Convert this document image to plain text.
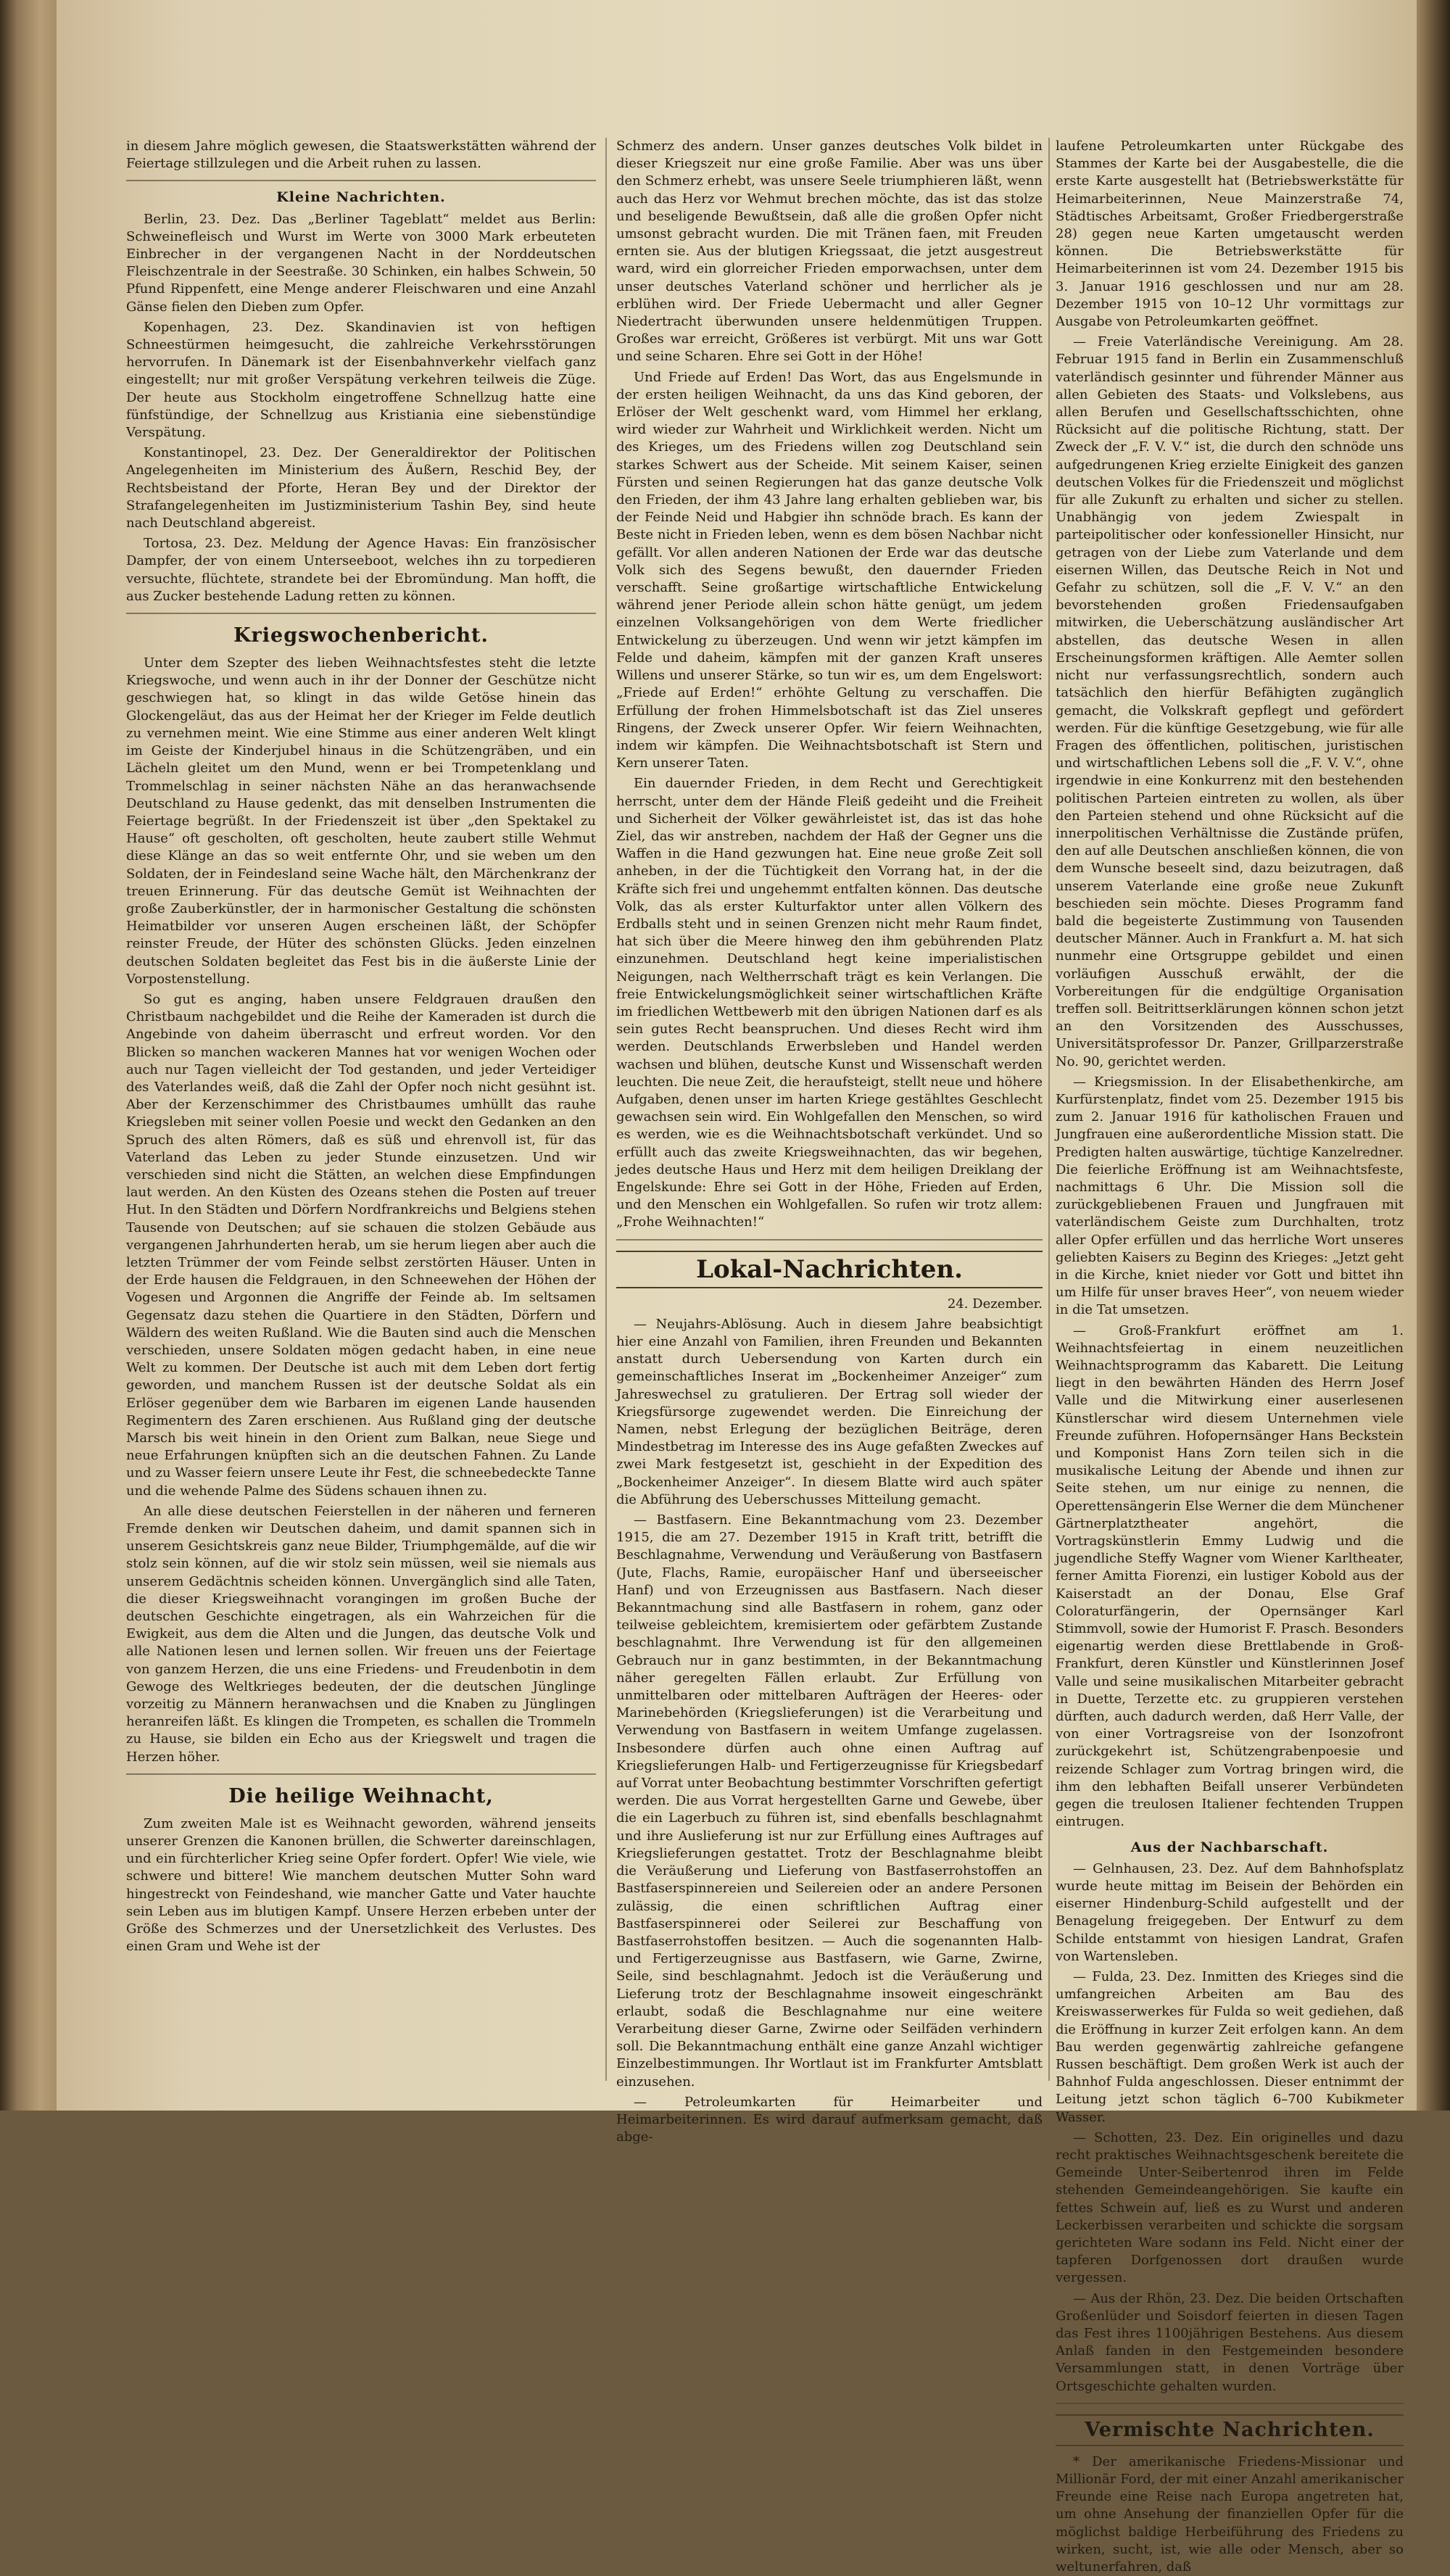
in diesem Jahre möglich gewesen, die Staatswerkstätten während der Feiertage stillzulegen und die Arbeit ruhen zu lassen.

Kleine Nachrichten.

Berlin, 23. Dez. Das „Berliner Tageblatt“ meldet aus Berlin: Schweinefleisch und Wurst im Werte von 3000 Mark erbeuteten Einbrecher in der vergangenen Nacht in der Norddeutschen Fleischzentrale in der Seestraße. 30 Schinken, ein halbes Schwein, 50 Pfund Rippenfett, eine Menge anderer Fleischwaren und eine Anzahl Gänse fielen den Dieben zum Opfer.

Kopenhagen, 23. Dez. Skandinavien ist von heftigen Schneestürmen heimgesucht, die zahlreiche Verkehrsstörungen hervorrufen. In Dänemark ist der Eisenbahnverkehr vielfach ganz eingestellt; nur mit großer Verspätung verkehren teilweis die Züge. Der heute aus Stockholm eingetroffene Schnellzug hatte eine fünfstündige, der Schnellzug aus Kristiania eine siebenstündige Verspätung.

Konstantinopel, 23. Dez. Der Generaldirektor der Politischen Angelegenheiten im Ministerium des Äußern, Reschid Bey, der Rechtsbeistand der Pforte, Heran Bey und der Direktor der Strafangelegenheiten im Justizministerium Tashin Bey, sind heute nach Deutschland abgereist.

Tortosa, 23. Dez. Meldung der Agence Havas: Ein französischer Dampfer, der von einem Unterseeboot, welches ihn zu torpedieren versuchte, flüchtete, strandete bei der Ebromündung. Man hofft, die aus Zucker bestehende Ladung retten zu können.

Kriegswochenbericht.

Unter dem Szepter des lieben Weihnachtsfestes steht die letzte Kriegswoche, und wenn auch in ihr der Donner der Geschütze nicht geschwiegen hat, so klingt in das wilde Getöse hinein das Glockengeläut, das aus der Heimat her der Krieger im Felde deutlich zu vernehmen meint. Wie eine Stimme aus einer anderen Welt klingt im Geiste der Kinderjubel hinaus in die Schützengräben, und ein Lächeln gleitet um den Mund, wenn er bei Trompetenklang und Trommelschlag in seiner nächsten Nähe an das heranwachsende Deutschland zu Hause gedenkt, das mit denselben Instrumenten die Feiertage begrüßt. In der Friedenszeit ist über „den Spektakel zu Hause“ oft gescholten, oft gescholten, heute zaubert stille Wehmut diese Klänge an das so weit entfernte Ohr, und sie weben um den Soldaten, der in Feindesland seine Wache hält, den Märchenkranz der treuen Erinnerung. Für das deutsche Gemüt ist Weihnachten der große Zauberkünstler, der in harmonischer Gestaltung die schönsten Heimatbilder vor unseren Augen erscheinen läßt, der Schöpfer reinster Freude, der Hüter des schönsten Glücks. Jeden einzelnen deutschen Soldaten begleitet das Fest bis in die äußerste Linie der Vorpostenstellung.

So gut es anging, haben unsere Feldgrauen draußen den Christbaum nachgebildet und die Reihe der Kameraden ist durch die Angebinde von daheim überrascht und erfreut worden. Vor den Blicken so manchen wackeren Mannes hat vor wenigen Wochen oder auch nur Tagen vielleicht der Tod gestanden, und jeder Verteidiger des Vaterlandes weiß, daß die Zahl der Opfer noch nicht gesühnt ist. Aber der Kerzenschimmer des Christbaumes umhüllt das rauhe Kriegsleben mit seiner vollen Poesie und weckt den Gedanken an den Spruch des alten Römers, daß es süß und ehrenvoll ist, für das Vaterland das Leben zu jeder Stunde einzusetzen. Und wir verschieden sind nicht die Stätten, an welchen diese Empfindungen laut werden. An den Küsten des Ozeans stehen die Posten auf treuer Hut. In den Städten und Dörfern Nordfrankreichs und Belgiens stehen Tausende von Deutschen; auf sie schauen die stolzen Gebäude aus vergangenen Jahrhunderten herab, um sie herum liegen aber auch die letzten Trümmer der vom Feinde selbst zerstörten Häuser. Unten in der Erde hausen die Feldgrauen, in den Schneewehen der Höhen der Vogesen und Argonnen die Angriffe der Feinde ab. Im seltsamen Gegensatz dazu stehen die Quartiere in den Städten, Dörfern und Wäldern des weiten Rußland. Wie die Bauten sind auch die Menschen verschieden, unsere Soldaten mögen gedacht haben, in eine neue Welt zu kommen. Der Deutsche ist auch mit dem Leben dort fertig geworden, und manchem Russen ist der deutsche Soldat als ein Erlöser gegenüber dem wie Barbaren im eigenen Lande hausenden Regimentern des Zaren erschienen. Aus Rußland ging der deutsche Marsch bis weit hinein in den Orient zum Balkan, neue Siege und neue Erfahrungen knüpften sich an die deutschen Fahnen. Zu Lande und zu Wasser feiern unsere Leute ihr Fest, die schneebedeckte Tanne und die wehende Palme des Südens schauen ihnen zu.

An alle diese deutschen Feierstellen in der näheren und ferneren Fremde denken wir Deutschen daheim, und damit spannen sich in unserem Gesichtskreis ganz neue Bilder, Triumphgemälde, auf die wir stolz sein können, auf die wir stolz sein müssen, weil sie niemals aus unserem Gedächtnis scheiden können. Unvergänglich sind alle Taten, die dieser Kriegsweihnacht vorangingen im großen Buche der deutschen Geschichte eingetragen, als ein Wahrzeichen für die Ewigkeit, aus dem die Alten und die Jungen, das deutsche Volk und alle Nationen lesen und lernen sollen. Wir freuen uns der Feiertage von ganzem Herzen, die uns eine Friedens- und Freudenbotin in dem Gewoge des Weltkrieges bedeuten, der die deutschen Jünglinge vorzeitig zu Männern heranwachsen und die Knaben zu Jünglingen heranreifen läßt. Es klingen die Trompeten, es schallen die Trommeln zu Hause, sie bilden ein Echo aus der Kriegswelt und tragen die Herzen höher.

Die heilige Weihnacht,

Zum zweiten Male ist es Weihnacht geworden, während jenseits unserer Grenzen die Kanonen brüllen, die Schwerter dareinschlagen, und ein fürchterlicher Krieg seine Opfer fordert. Opfer! Wie viele, wie schwere und bittere! Wie manchem deutschen Mutter Sohn ward hingestreckt von Feindeshand, wie mancher Gatte und Vater hauchte sein Leben aus im blutigen Kampf. Unsere Herzen erbeben unter der Größe des Schmerzes und der Unersetzlichkeit des Verlustes. Des einen Gram und Wehe ist der

Schmerz des andern. Unser ganzes deutsches Volk bildet in dieser Kriegszeit nur eine große Familie. Aber was uns über den Schmerz erhebt, was unsere Seele triumphieren läßt, wenn auch das Herz vor Wehmut brechen möchte, das ist das stolze und beseligende Bewußtsein, daß alle die großen Opfer nicht umsonst gebracht wurden. Die mit Tränen faen, mit Freuden ernten sie. Aus der blutigen Kriegssaat, die jetzt ausgestreut ward, wird ein glorreicher Frieden emporwachsen, unter dem unser deutsches Vaterland schöner und herrlicher als je erblühen wird. Der Friede Uebermacht und aller Gegner Niedertracht überwunden unsere heldenmütigen Truppen. Großes war erreicht, Größeres ist verbürgt. Mit uns war Gott und seine Scharen. Ehre sei Gott in der Höhe!

Und Friede auf Erden! Das Wort, das aus Engelsmunde in der ersten heiligen Weihnacht, da uns das Kind geboren, der Erlöser der Welt geschenkt ward, vom Himmel her erklang, wird wieder zur Wahrheit und Wirklichkeit werden. Nicht um des Krieges, um des Friedens willen zog Deutschland sein starkes Schwert aus der Scheide. Mit seinem Kaiser, seinen Fürsten und seinen Regierungen hat das ganze deutsche Volk den Frieden, der ihm 43 Jahre lang erhalten geblieben war, bis der Feinde Neid und Habgier ihn schnöde brach. Es kann der Beste nicht in Frieden leben, wenn es dem bösen Nachbar nicht gefällt. Vor allen anderen Nationen der Erde war das deutsche Volk sich des Segens bewußt, den dauernder Frieden verschafft. Seine großartige wirtschaftliche Entwickelung während jener Periode allein schon hätte genügt, um jedem einzelnen Volksangehörigen von dem Werte friedlicher Entwickelung zu überzeugen. Und wenn wir jetzt kämpfen im Felde und daheim, kämpfen mit der ganzen Kraft unseres Willens und unserer Stärke, so tun wir es, um dem Engelswort: „Friede auf Erden!“ erhöhte Geltung zu verschaffen. Die Erfüllung der frohen Himmelsbotschaft ist das Ziel unseres Ringens, der Zweck unserer Opfer. Wir feiern Weihnachten, indem wir kämpfen. Die Weihnachtsbotschaft ist Stern und Kern unserer Taten.

Ein dauernder Frieden, in dem Recht und Gerechtigkeit herrscht, unter dem der Hände Fleiß gedeiht und die Freiheit und Sicherheit der Völker gewährleistet ist, das ist das hohe Ziel, das wir anstreben, nachdem der Haß der Gegner uns die Waffen in die Hand gezwungen hat. Eine neue große Zeit soll anheben, in der die Tüchtigkeit den Vorrang hat, in der die Kräfte sich frei und ungehemmt entfalten können. Das deutsche Volk, das als erster Kulturfaktor unter allen Völkern des Erdballs steht und in seinen Grenzen nicht mehr Raum findet, hat sich über die Meere hinweg den ihm gebührenden Platz einzunehmen. Deutschland hegt keine imperialistischen Neigungen, nach Weltherrschaft trägt es kein Verlangen. Die freie Entwickelungsmöglichkeit seiner wirtschaftlichen Kräfte im friedlichen Wettbewerb mit den übrigen Nationen darf es als sein gutes Recht beanspruchen. Und dieses Recht wird ihm werden. Deutschlands Erwerbsleben und Handel werden wachsen und blühen, deutsche Kunst und Wissenschaft werden leuchten. Die neue Zeit, die heraufsteigt, stellt neue und höhere Aufgaben, denen unser im harten Kriege gestähltes Geschlecht gewachsen sein wird. Ein Wohlgefallen den Menschen, so wird es werden, wie es die Weihnachtsbotschaft verkündet. Und so erfüllt auch das zweite Kriegsweihnachten, das wir begehen, jedes deutsche Haus und Herz mit dem heiligen Dreiklang der Engelskunde: Ehre sei Gott in der Höhe, Frieden auf Erden, und den Menschen ein Wohlgefallen. So rufen wir trotz allem: „Frohe Weihnachten!“

Lokal-Nachrichten.
24. Dezember.

— Neujahrs-Ablösung. Auch in diesem Jahre beabsichtigt hier eine Anzahl von Familien, ihren Freunden und Bekannten anstatt durch Uebersendung von Karten durch ein gemeinschaftliches Inserat im „Bockenheimer Anzeiger“ zum Jahreswechsel zu gratulieren. Der Ertrag soll wieder der Kriegsfürsorge zugewendet werden. Die Einreichung der Namen, nebst Erlegung der bezüglichen Beiträge, deren Mindestbetrag im Interesse des ins Auge gefaßten Zweckes auf zwei Mark festgesetzt ist, geschieht in der Expedition des „Bockenheimer Anzeiger“. In diesem Blatte wird auch später die Abführung des Ueberschusses Mitteilung gemacht.

— Bastfasern. Eine Bekanntmachung vom 23. Dezember 1915, die am 27. Dezember 1915 in Kraft tritt, betrifft die Beschlagnahme, Verwendung und Veräußerung von Bastfasern (Jute, Flachs, Ramie, europäischer Hanf und überseeischer Hanf) und von Erzeugnissen aus Bastfasern. Nach dieser Bekanntmachung sind alle Bastfasern in rohem, ganz oder teilweise gebleichtem, kremisiertem oder gefärbtem Zustande beschlagnahmt. Ihre Verwendung ist für den allgemeinen Gebrauch nur in ganz bestimmten, in der Bekanntmachung näher geregelten Fällen erlaubt. Zur Erfüllung von unmittelbaren oder mittelbaren Aufträgen der Heeres- oder Marinebehörden (Kriegslieferungen) ist die Verarbeitung und Verwendung von Bastfasern in weitem Umfange zugelassen. Insbesondere dürfen auch ohne einen Auftrag auf Kriegslieferungen Halb- und Fertigerzeugnisse für Kriegsbedarf auf Vorrat unter Beobachtung bestimmter Vorschriften gefertigt werden. Die aus Vorrat hergestellten Garne und Gewebe, über die ein Lagerbuch zu führen ist, sind ebenfalls beschlagnahmt und ihre Auslieferung ist nur zur Erfüllung eines Auftrages auf Kriegslieferungen gestattet. Trotz der Beschlagnahme bleibt die Veräußerung und Lieferung von Bastfaserrohstoffen an Bastfaserspinnereien und Seilereien oder an andere Personen zulässig, die einen schriftlichen Auftrag einer Bastfaserspinnerei oder Seilerei zur Beschaffung von Bastfaserrohstoffen besitzen. — Auch die sogenannten Halb- und Fertigerzeugnisse aus Bastfasern, wie Garne, Zwirne, Seile, sind beschlagnahmt. Jedoch ist die Veräußerung und Lieferung trotz der Beschlagnahme insoweit eingeschränkt erlaubt, sodaß die Beschlagnahme nur eine weitere Verarbeitung dieser Garne, Zwirne oder Seilfäden verhindern soll. Die Bekanntmachung enthält eine ganze Anzahl wichtiger Einzelbestimmungen. Ihr Wortlaut ist im Frankfurter Amtsblatt einzusehen.

— Petroleumkarten für Heimarbeiter und Heimarbeiterinnen. Es wird darauf aufmerksam gemacht, daß abge-

laufene Petroleumkarten unter Rückgabe des Stammes der Karte bei der Ausgabestelle, die die erste Karte ausgestellt hat (Betriebswerkstätte für Heimarbeiterinnen, Neue Mainzerstraße 74, Städtisches Arbeitsamt, Großer Friedbergerstraße 28) gegen neue Karten umgetauscht werden können. Die Betriebswerkstätte für Heimarbeiterinnen ist vom 24. Dezember 1915 bis 3. Januar 1916 geschlossen und nur am 28. Dezember 1915 von 10–12 Uhr vormittags zur Ausgabe von Petroleumkarten geöffnet.

— Freie Vaterländische Vereinigung. Am 28. Februar 1915 fand in Berlin ein Zusammenschluß vaterländisch gesinnter und führender Männer aus allen Gebieten des Staats- und Volkslebens, aus allen Berufen und Gesellschaftsschichten, ohne Rücksicht auf die politische Richtung, statt. Der Zweck der „F. V. V.“ ist, die durch den schnöde uns aufgedrungenen Krieg erzielte Einigkeit des ganzen deutschen Volkes für die Friedenszeit und möglichst für alle Zukunft zu erhalten und sicher zu stellen. Unabhängig von jedem Zwiespalt in parteipolitischer oder konfessioneller Hinsicht, nur getragen von der Liebe zum Vaterlande und dem eisernen Willen, das Deutsche Reich in Not und Gefahr zu schützen, soll die „F. V. V.“ an den bevorstehenden großen Friedensaufgaben mitwirken, die Ueberschätzung ausländischer Art abstellen, das deutsche Wesen in allen Erscheinungsformen kräftigen. Alle Aemter sollen nicht nur verfassungsrechtlich, sondern auch tatsächlich den hierfür Befähigten zugänglich gemacht, die Volkskraft gepflegt und gefördert werden. Für die künftige Gesetzgebung, wie für alle Fragen des öffentlichen, politischen, juristischen und wirtschaftlichen Lebens soll die „F. V. V.“, ohne irgendwie in eine Konkurrenz mit den bestehenden politischen Parteien eintreten zu wollen, als über den Parteien stehend und ohne Rücksicht auf die innerpolitischen Verhältnisse die Zustände prüfen, den auf alle Deutschen anschließen können, die von dem Wunsche beseelt sind, dazu beizutragen, daß unserem Vaterlande eine große neue Zukunft beschieden sein möchte. Dieses Programm fand bald die begeisterte Zustimmung von Tausenden deutscher Männer. Auch in Frankfurt a. M. hat sich nunmehr eine Ortsgruppe gebildet und einen vorläufigen Ausschuß erwählt, der die Vorbereitungen für die endgültige Organisation treffen soll. Beitrittserklärungen können schon jetzt an den Vorsitzenden des Ausschusses, Universitätsprofessor Dr. Panzer, Grillparzerstraße No. 90, gerichtet werden.

— Kriegsmission. In der Elisabethenkirche, am Kurfürstenplatz, findet vom 25. Dezember 1915 bis zum 2. Januar 1916 für katholischen Frauen und Jungfrauen eine außerordentliche Mission statt. Die Predigten halten auswärtige, tüchtige Kanzelredner. Die feierliche Eröffnung ist am Weihnachtsfeste, nachmittags 6 Uhr. Die Mission soll die zurückgebliebenen Frauen und Jungfrauen mit vaterländischem Geiste zum Durchhalten, trotz aller Opfer erfüllen und das herrliche Wort unseres geliebten Kaisers zu Beginn des Krieges: „Jetzt geht in die Kirche, kniet nieder vor Gott und bittet ihn um Hilfe für unser braves Heer“, von neuem wieder in die Tat umsetzen.

— Groß-Frankfurt eröffnet am 1. Weihnachtsfeiertag in einem neuzeitlichen Weihnachtsprogramm das Kabarett. Die Leitung liegt in den bewährten Händen des Herrn Josef Valle und die Mitwirkung einer auserlesenen Künstlerschar wird diesem Unternehmen viele Freunde zuführen. Hofopernsänger Hans Beckstein und Komponist Hans Zorn teilen sich in die musikalische Leitung der Abende und ihnen zur Seite stehen, um nur einige zu nennen, die Operettensängerin Else Werner die dem Münchener Gärtnerplatztheater angehört, die Vortragskünstlerin Emmy Ludwig und die jugendliche Steffy Wagner vom Wiener Karltheater, ferner Amitta Fiorenzi, ein lustiger Kobold aus der Kaiserstadt an der Donau, Else Graf Coloraturfängerin, der Opernsänger Karl Stimmvoll, sowie der Humorist F. Prasch. Besonders eigenartig werden diese Brettlabende in Groß-Frankfurt, deren Künstler und Künstlerinnen Josef Valle und seine musikalischen Mitarbeiter gebracht in Duette, Terzette etc. zu gruppieren verstehen dürften, auch dadurch werden, daß Herr Valle, der von einer Vortragsreise von der Isonzofront zurückgekehrt ist, Schützengrabenpoesie und reizende Schlager zum Vortrag bringen wird, die ihm den lebhaften Beifall unserer Verbündeten gegen die treulosen Italiener fechtenden Truppen eintrugen.

Aus der Nachbarschaft.

— Gelnhausen, 23. Dez. Auf dem Bahnhofsplatz wurde heute mittag im Beisein der Behörden ein eiserner Hindenburg-Schild aufgestellt und der Benagelung freigegeben. Der Entwurf zu dem Schilde entstammt von hiesigen Landrat, Grafen von Wartensleben.

— Fulda, 23. Dez. Inmitten des Krieges sind die umfangreichen Arbeiten am Bau des Kreiswasserwerkes für Fulda so weit gediehen, daß die Eröffnung in kurzer Zeit erfolgen kann. An dem Bau werden gegenwärtig zahlreiche gefangene Russen beschäftigt. Dem großen Werk ist auch der Bahnhof Fulda angeschlossen. Dieser entnimmt der Leitung jetzt schon täglich 6–700 Kubikmeter Wasser.

— Schotten, 23. Dez. Ein originelles und dazu recht praktisches Weihnachtsgeschenk bereitete die Gemeinde Unter-Seibertenrod ihren im Felde stehenden Gemeindeangehörigen. Sie kaufte ein fettes Schwein auf, ließ es zu Wurst und anderen Leckerbissen verarbeiten und schickte die sorgsam gerichteten Ware sodann ins Feld. Nicht einer der tapferen Dorfgenossen dort draußen wurde vergessen.

— Aus der Rhön, 23. Dez. Die beiden Ortschaften Großenlüder und Soisdorf feierten in diesen Tagen das Fest ihres 1100jährigen Bestehens. Aus diesem Anlaß fanden in den Festgemeinden besondere Versammlungen statt, in denen Vorträge über Ortsgeschichte gehalten wurden.

Vermischte Nachrichten.

* Der amerikanische Friedens-Missionar und Millionär Ford, der mit einer Anzahl amerikanischer Freunde eine Reise nach Europa angetreten hat, um ohne Ansehung der finanziellen Opfer für die möglichst baldige Herbeiführung des Friedens zu wirken, sucht, ist, wie alle oder Mensch, aber so weltunerfahren, daß
